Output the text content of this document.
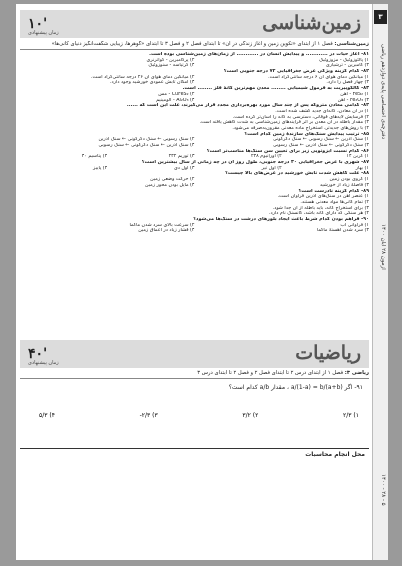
۳
دفترچه‌ی اختصاصی پایه‌ی دوازدهم ریاضی
آزمون ۲۸ آبان ۱۴۰۰
۱۴۰۰ - ۲۸ - ۵
زمین‌شناسی
۱۰'
زمان پیشنهادی
زمین‌شناسی: فصل ۱ از ابتدای «تکوین زمین و آغاز زندگی در آن» تا ابتدای فصل ۲ و فصل ۳ تا ابتدای «گوهرها، زیبایی شگفت‌انگیز دنیای کانی‌ها»
۸۱- آغاز حیات در ............ و پیدایش انسان در ............ از زمان‌های زمین‌شناسی بوده است.
۱) پالئوزوئیک - مزوزوئیک
۲) پرکامبرین - کواترنری
۳) کامبرین - ترشیاری
۴) کرتیاسه - سنوزوئیک
۸۲- کدام گزینه ویژگی عرض جغرافیایی ۷۲ درجه جنوبی است؟
۱) میانگین دمای هوای آن ۶ درجه سانتی‌گراد است.
۲) میانگین دمای هوای آن ۲۶ درجه سانتی‌گراد است.
۳) چهار فصل را دارد.
۴) امکان تابش عمودی خورشید وجود دارد.
۸۳- کالکوپیریت به فرمول شیمیایی ........ معدن مهم‌ترین کانۀ فلز ........ است.
۱) FeS₂ - آهن
۲) CuFeS₂ - مس
۳) Fe₂O₃ - آهن
۴) Al₂O₃ - آلومینیم
۸۴- کدامی معادن متروکه پس از چند سال مورد بهره‌برداری مجدد قرار می‌گیرند، علت این است که ......
۱) در آن معادن، کانه‌ای جدید کشف شده است.
۲) فرسایش لایه‌های فوقانی، دسترسی به کانه را آسان‌تر کرده است.
۳) مقدار باطله در آن معدن بر اثر فرآیندهای زمین‌شناسی به شدت کاهش یافته است.
۴) با روش‌های جدیدتر، استخراج ماده معدنی مقرون‌به‌صرفه می‌شود.
۸۵- ترتیب پیدایش سنگ‌های سازندۀ زمین کدام است؟
۱) سنگ آذرین ← سنگ رسوبی ← سنگ دگرگونی
۲) سنگ رسوبی ← سنگ دگرگونی ← سنگ آذرین
۳) سنگ دگرگونی ← سنگ آذرین ← سنگ رسوبی
۴) سنگ آذرین ← سنگ دگرگونی ← سنگ رسوبی
۸۶- کدام نسبت ایزوتوپی زیر برای تعیین سن سنگ‌ها مناسب‌تر است؟
۱) کربن ۱۴
۲) اورانیوم ۲۳۸
۳) توریم ۲۳۲
۴) پتاسیم ۴۰
۸۷- شهری با عرض جغرافیایی ۳۰ درجه جنوبی، طول روز آن در چه زمانی از سال بیشترین است؟
۱) بهار
۲) اول تیر
۳) اول دی
۴) پاییز
۸۸- علت کاهش شدت تابش خورشید در عرض‌های بالا چیست؟
۱) کروی بودن زمین
۲) حرکت وضعی زمین
۳) فاصلۀ زیاد از خورشید
۴) مایل بودن محور زمین
۸۹- کدام گزینه نادرست است؟
۱) عنصر آهن در سنگ‌های آذرین فراوان است.
۲) تمام کانی‌ها مواد معدنی هستند.
۳) برای استخراج کانه، باید باطله از آن جدا شود.
۴) هر سنگی که دارای کانه باشد، کانسنگ نام دارد.
۹۰- فراهم بودن کدام شرط باعث ایجاد بلورهای درشت در سنگ‌ها می‌شود؟
۱) فراوانی آب
۲) سرعت بالای سرد شدن ماگما
۳) سرد شدن آهستۀ ماگما
۴) فشار زیاد در اعماق زمین
ریاضیات
۴۰'
زمان پیشنهادی
ریاضی ۳: فصل ۱ از ابتدای درس ۲ تا ابتدای فصل ۲ و فصل ۲ تا ابتدای درس ۳
۹۱- اگر a/(1-a) = b/(a+b) ، مقدار a/b کدام است؟
۱) ۲/۳
۲) ۳/۲
۳) ۲/۳-
۴) ۵/۳
محل انجام محاسبات
